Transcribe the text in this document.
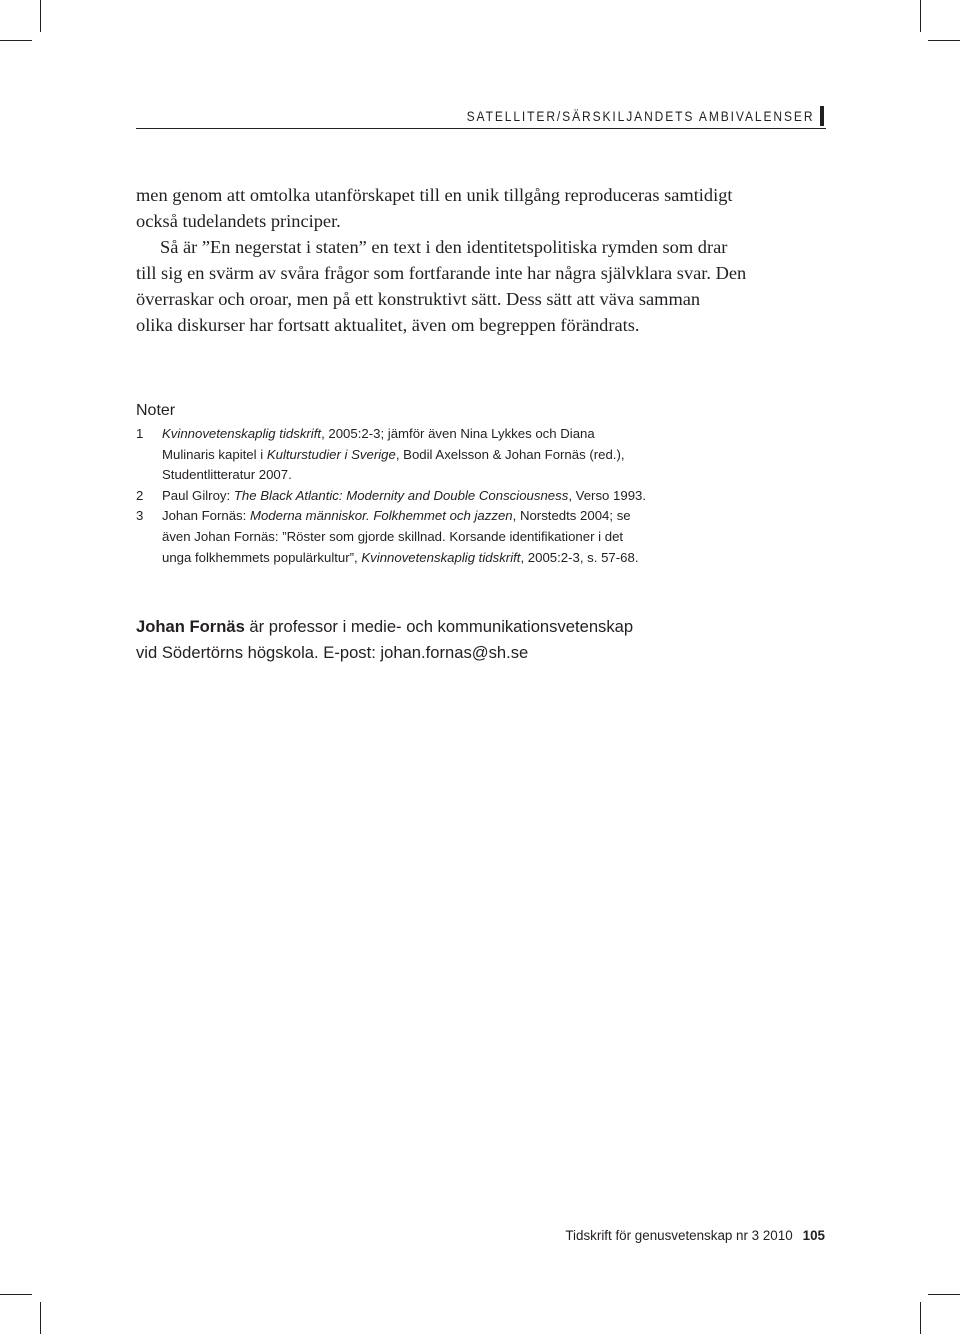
SATELLITER/SÄRSKILJANDETS AMBIVALENSER

men genom att omtolka utanförskapet till en unik tillgång reproduceras samtidigt

också tudelandets principer.

Så är ”En negerstat i staten” en text i den identitetspolitiska rymden som drar

till sig en svärm av svåra frågor som fortfarande inte har några självklara svar. Den

överraskar och oroar, men på ett konstruktivt sätt. Dess sätt att väva samman

olika diskurser har fortsatt aktualitet, även om begreppen förändrats.

Noter
1	Kvinnovetenskaplig tidskrift, 2005:2-3; jämför även Nina Lykkes och Diana
Mulinaris kapitel i Kulturstudier i Sverige, Bodil Axelsson & Johan Fornäs (red.),
Studentlitteratur 2007.
2	Paul Gilroy: The Black Atlantic: Modernity and Double Consciousness, Verso 1993.
3	Johan Fornäs: Moderna människor. Folkhemmet och jazzen, Norstedts 2004; se
även Johan Fornäs: ”Röster som gjorde skillnad. Korsande identifikationer i det
unga folkhemmets populärkultur”, Kvinnovetenskaplig tidskrift, 2005:2-3, s. 57-68.

Johan Fornäs är professor i medie- och kommunikationsvetenskap

vid Södertörns högskola. E-post: johan.fornas@sh.se

Tidskrift för genusvetenskap nr 3 2010 105
